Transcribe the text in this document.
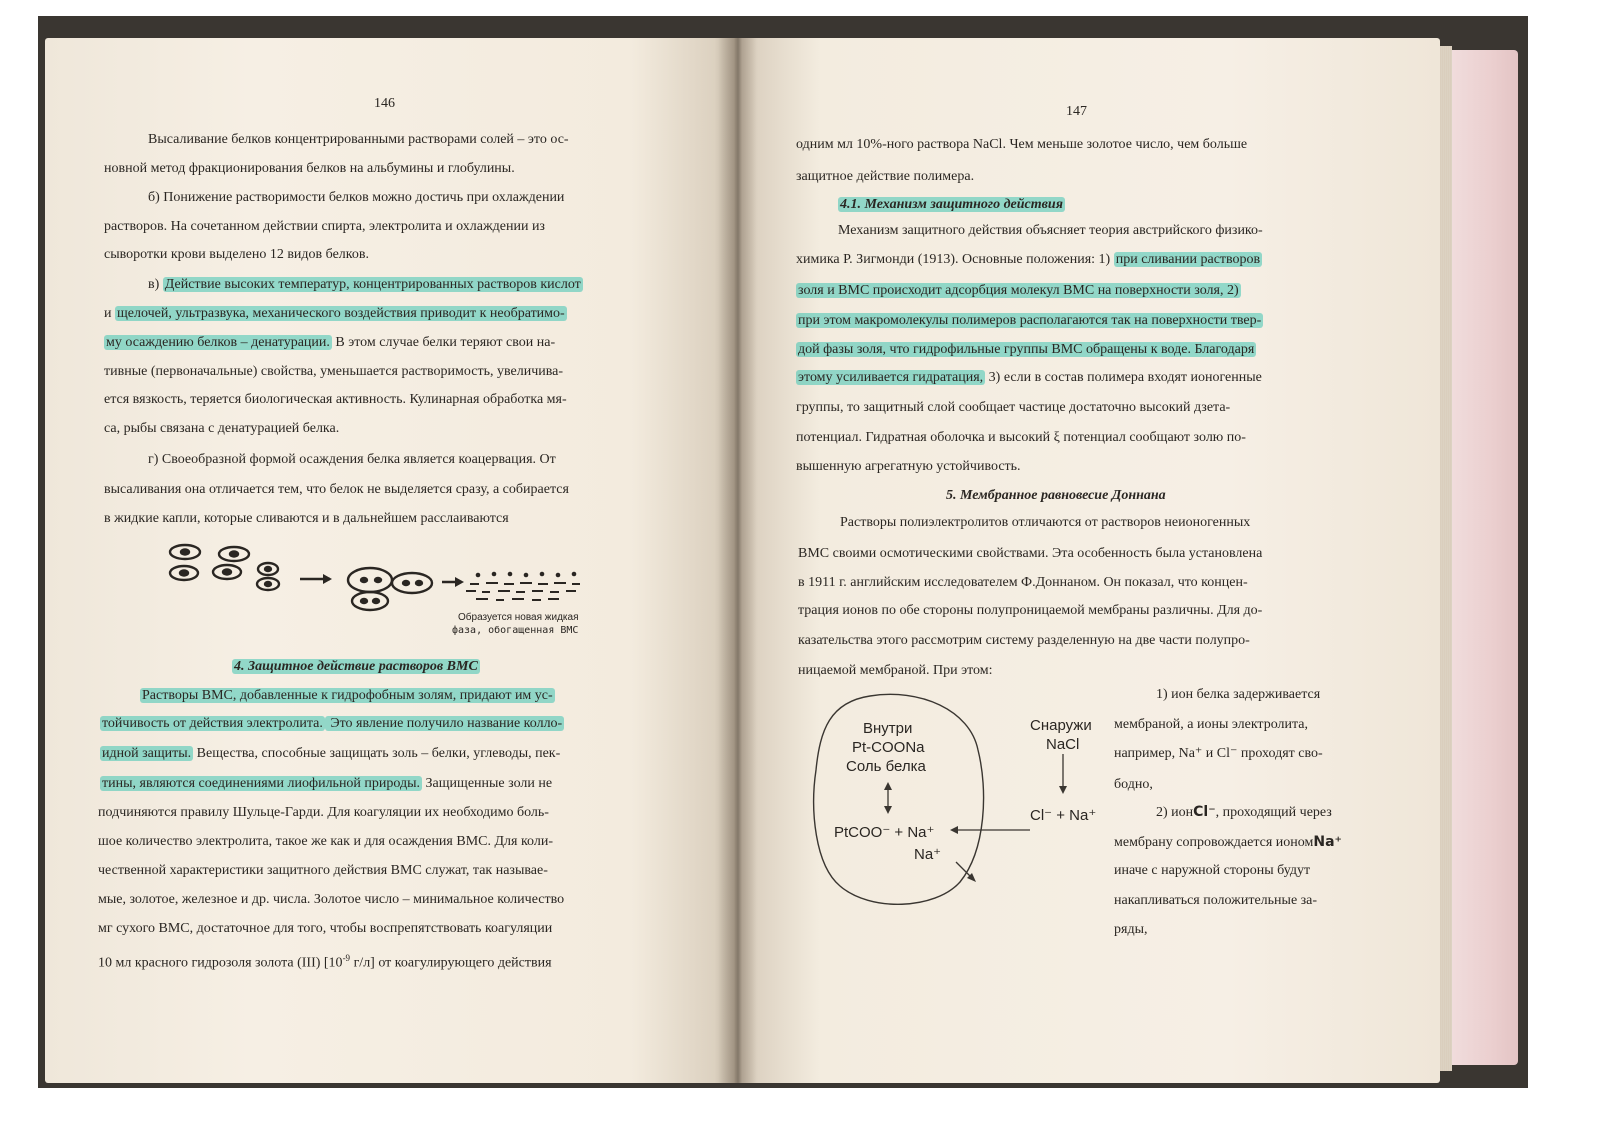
146
Высаливание белков концентрированными растворами солей – это ос-
новной метод фракционирования белков на альбумины и глобулины.
б) Понижение растворимости белков можно достичь при охлаждении
растворов. На сочетанном действии спирта, электролита и охлаждении из
сыворотки крови выделено 12 видов белков.
в) Действие высоких температур, концентрированных растворов кислот
и щелочей, ультразвука, механического воздействия приводит к необратимо-
му осаждению белков – денатурации. В этом случае белки теряют свои на-
тивные (первоначальные) свойства, уменьшается растворимость, увеличива-
ется вязкость, теряется биологическая активность. Кулинарная обработка мя-
са, рыбы связана с денатурацией белка.
г) Своеобразной формой осаждения белка является коацервация. От
высаливания она отличается тем, что белок не выделяется сразу, а собирается
в жидкие капли, которые сливаются и в дальнейшем расслаиваются
Образуется новая жидкая
фаза, обогащенная ВМС
4. Защитное действие растворов ВМС
Растворы ВМС, добавленные к гидрофобным золям, придают им ус-
тойчивость от действия электролита. Это явление получило название колло-
идной защиты. Вещества, способные защищать золь – белки, углеводы, пек-
тины, являются соединениями лиофильной природы. Защищенные золи не
подчиняются правилу Шульце-Гарди. Для коагуляции их необходимо боль-
шое количество электролита, такое же как и для осаждения ВМС. Для коли-
чественной характеристики защитного действия ВМС служат, так называе-
мые, золотое, железное и др. числа. Золотое число – минимальное количество
мг сухого ВМС, достаточное для того, чтобы воспрепятствовать коагуляции
10 мл красного гидрозоля золота (III) [$10^{-9}$ г/л] от коагулирующего действия
147
одним мл 10%-ного раствора NaCl. Чем меньше золотое число, чем больше
защитное действие полимера.
4.1. Механизм защитного действия
Механизм защитного действия объясняет теория австрийского физико-
химика Р. Зигмонди (1913). Основные положения: 1) при сливании растворов
золя и ВМС происходит адсорбция молекул ВМС на поверхности золя, 2)
при этом макромолекулы полимеров располагаются так на поверхности твер-
дой фазы золя, что гидрофильные группы ВМС обращены к воде. Благодаря
этому усиливается гидратация, 3) если в состав полимера входят ионогенные
группы, то защитный слой сообщает частице достаточно высокий дзета-
потенциал. Гидратная оболочка и высокий ξ потенциал сообщают золю по-
вышенную агрегатную устойчивость.
5. Мембранное равновесие Доннана
Растворы полиэлектролитов отличаются от растворов неионогенных
ВМС своими осмотическими свойствами. Эта особенность была установлена
в 1911 г. английским исследователем Ф.Доннаном. Он показал, что концен-
трация ионов по обе стороны полупроницаемой мембраны различны. Для до-
казательства этого рассмотрим систему разделенную на две части полупро-
ницаемой мембраной. При этом:
Внутри
Pt-COONa
Соль белка
Снаружи
NaCl
Cl⁻ + Na⁺
PtCOO⁻ + Na⁺
Na⁺
1) ион белка задерживается
мембраной, а ионы электролита,
например, Na⁺ и Cl⁻ проходят сво-
бодно,
2) ионCl⁻, проходящий через
мембрану сопровождается иономNa⁺
иначе с наружной стороны будут
накапливаться положительные за-
ряды,
